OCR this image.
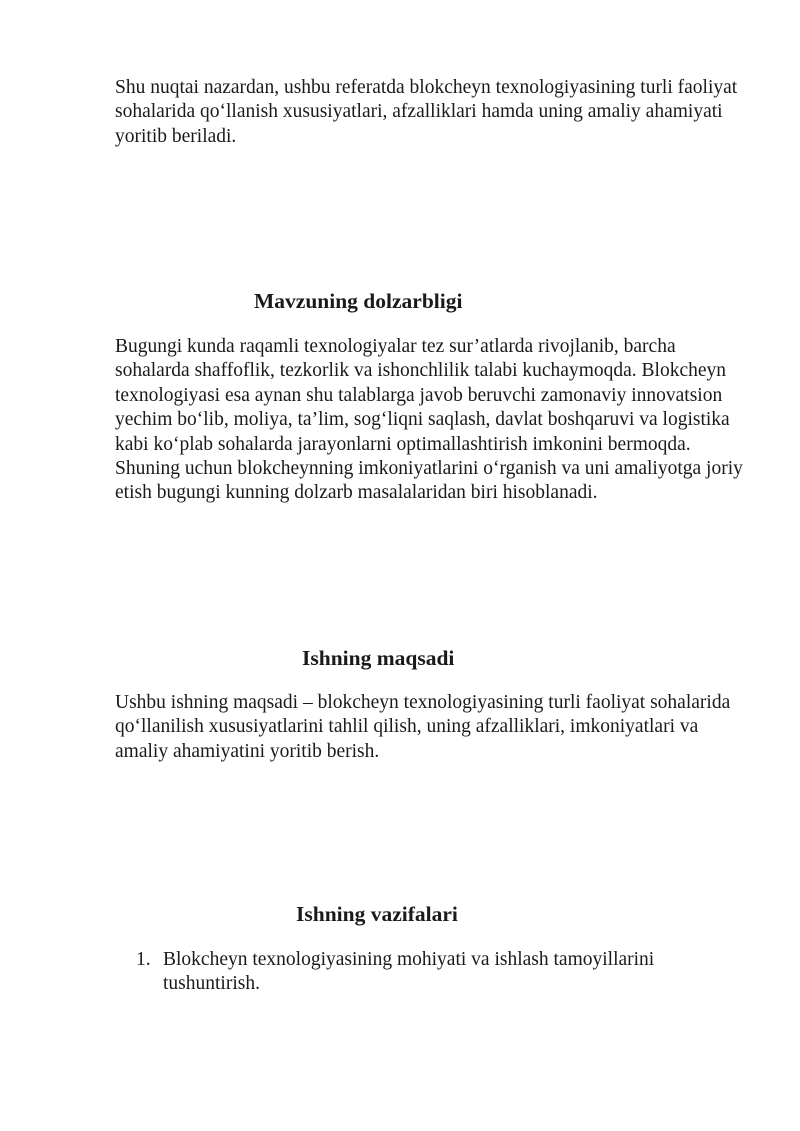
Shu nuqtai nazardan, ushbu referatda blokcheyn texnologiyasining turli faoliyat sohalarida qo‘llanish xususiyatlari, afzalliklari hamda uning amaliy ahamiyati yoritib beriladi.

Mavzuning dolzarbligi

Bugungi kunda raqamli texnologiyalar tez sur’atlarda rivojlanib, barcha sohalarda shaffoflik, tezkorlik va ishonchlilik talabi kuchaymoqda. Blokcheyn texnologiyasi esa aynan shu talablarga javob beruvchi zamonaviy innovatsion yechim bo‘lib, moliya, ta’lim, sog‘liqni saqlash, davlat boshqaruvi va logistika kabi ko‘plab sohalarda jarayonlarni optimallashtirish imkonini bermoqda. Shuning uchun blokcheynning imkoniyatlarini o‘rganish va uni amaliyotga joriy etish bugungi kunning dolzarb masalalaridan biri hisoblanadi.

Ishning maqsadi

Ushbu ishning maqsadi – blokcheyn texnologiyasining turli faoliyat sohalarida qo‘llanilish xususiyatlarini tahlil qilish, uning afzalliklari, imkoniyatlari va amaliy ahamiyatini yoritib berish.

Ishning vazifalari
1. Blokcheyn texnologiyasining mohiyati va ishlash tamoyillarini tushuntirish.
